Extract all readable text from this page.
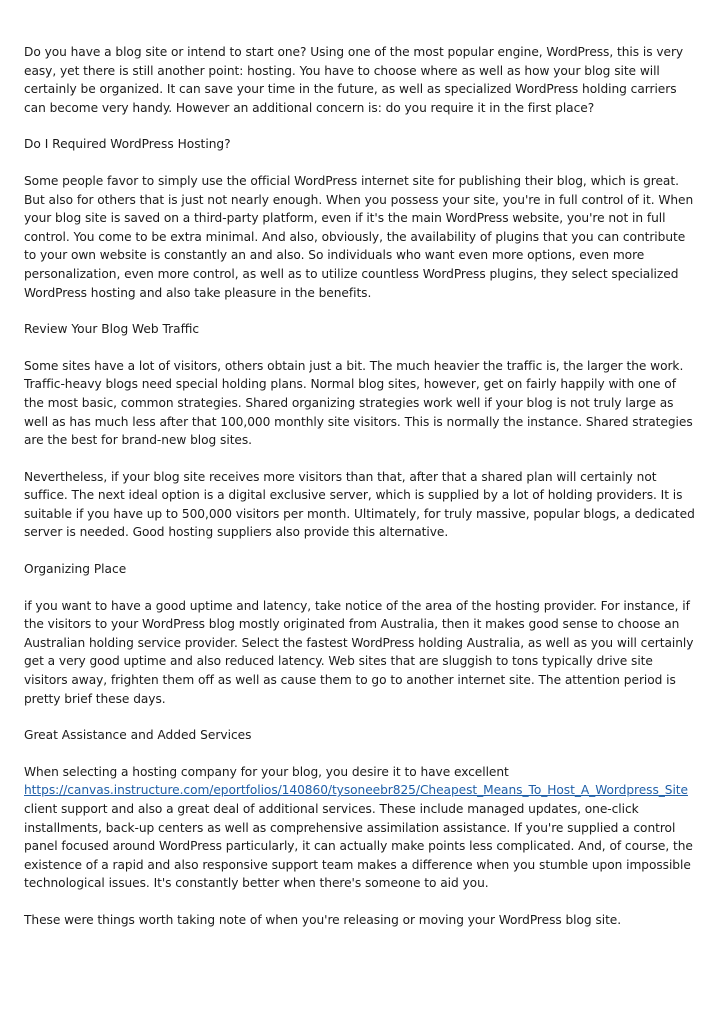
Do you have a blog site or intend to start one? Using one of the most popular engine, WordPress, this is very easy, yet there is still another point: hosting. You have to choose where as well as how your blog site will certainly be organized. It can save your time in the future, as well as specialized WordPress holding carriers can become very handy. However an additional concern is: do you require it in the first place?

Do I Required WordPress Hosting?

Some people favor to simply use the official WordPress internet site for publishing their blog, which is great. But also for others that is just not nearly enough. When you possess your site, you're in full control of it. When your blog site is saved on a third-party platform, even if it's the main WordPress website, you're not in full control. You come to be extra minimal. And also, obviously, the availability of plugins that you can contribute to your own website is constantly an and also. So individuals who want even more options, even more personalization, even more control, as well as to utilize countless WordPress plugins, they select specialized WordPress hosting and also take pleasure in the benefits.

Review Your Blog Web Traffic

Some sites have a lot of visitors, others obtain just a bit. The much heavier the traffic is, the larger the work. Traffic-heavy blogs need special holding plans. Normal blog sites, however, get on fairly happily with one of the most basic, common strategies. Shared organizing strategies work well if your blog is not truly large as well as has much less after that 100,000 monthly site visitors. This is normally the instance. Shared strategies are the best for brand-new blog sites.

Nevertheless, if your blog site receives more visitors than that, after that a shared plan will certainly not suffice. The next ideal option is a digital exclusive server, which is supplied by a lot of holding providers. It is suitable if you have up to 500,000 visitors per month. Ultimately, for truly massive, popular blogs, a dedicated server is needed. Good hosting suppliers also provide this alternative.

Organizing Place

if you want to have a good uptime and latency, take notice of the area of the hosting provider. For instance, if the visitors to your WordPress blog mostly originated from Australia, then it makes good sense to choose an Australian holding service provider. Select the fastest WordPress holding Australia, as well as you will certainly get a very good uptime and also reduced latency. Web sites that are sluggish to tons typically drive site visitors away, frighten them off as well as cause them to go to another internet site. The attention period is pretty brief these days.

Great Assistance and Added Services

When selecting a hosting company for your blog, you desire it to have excellent
https://canvas.instructure.com/eportfolios/140860/tysoneebr825/Cheapest_Means_To_Host_A_Wordpress_Site
client support and also a great deal of additional services. These include managed updates, one-click installments, back-up centers as well as comprehensive assimilation assistance. If you're supplied a control panel focused around WordPress particularly, it can actually make points less complicated. And, of course, the existence of a rapid and also responsive support team makes a difference when you stumble upon impossible technological issues. It's constantly better when there's someone to aid you.

These were things worth taking note of when you're releasing or moving your WordPress blog site.
